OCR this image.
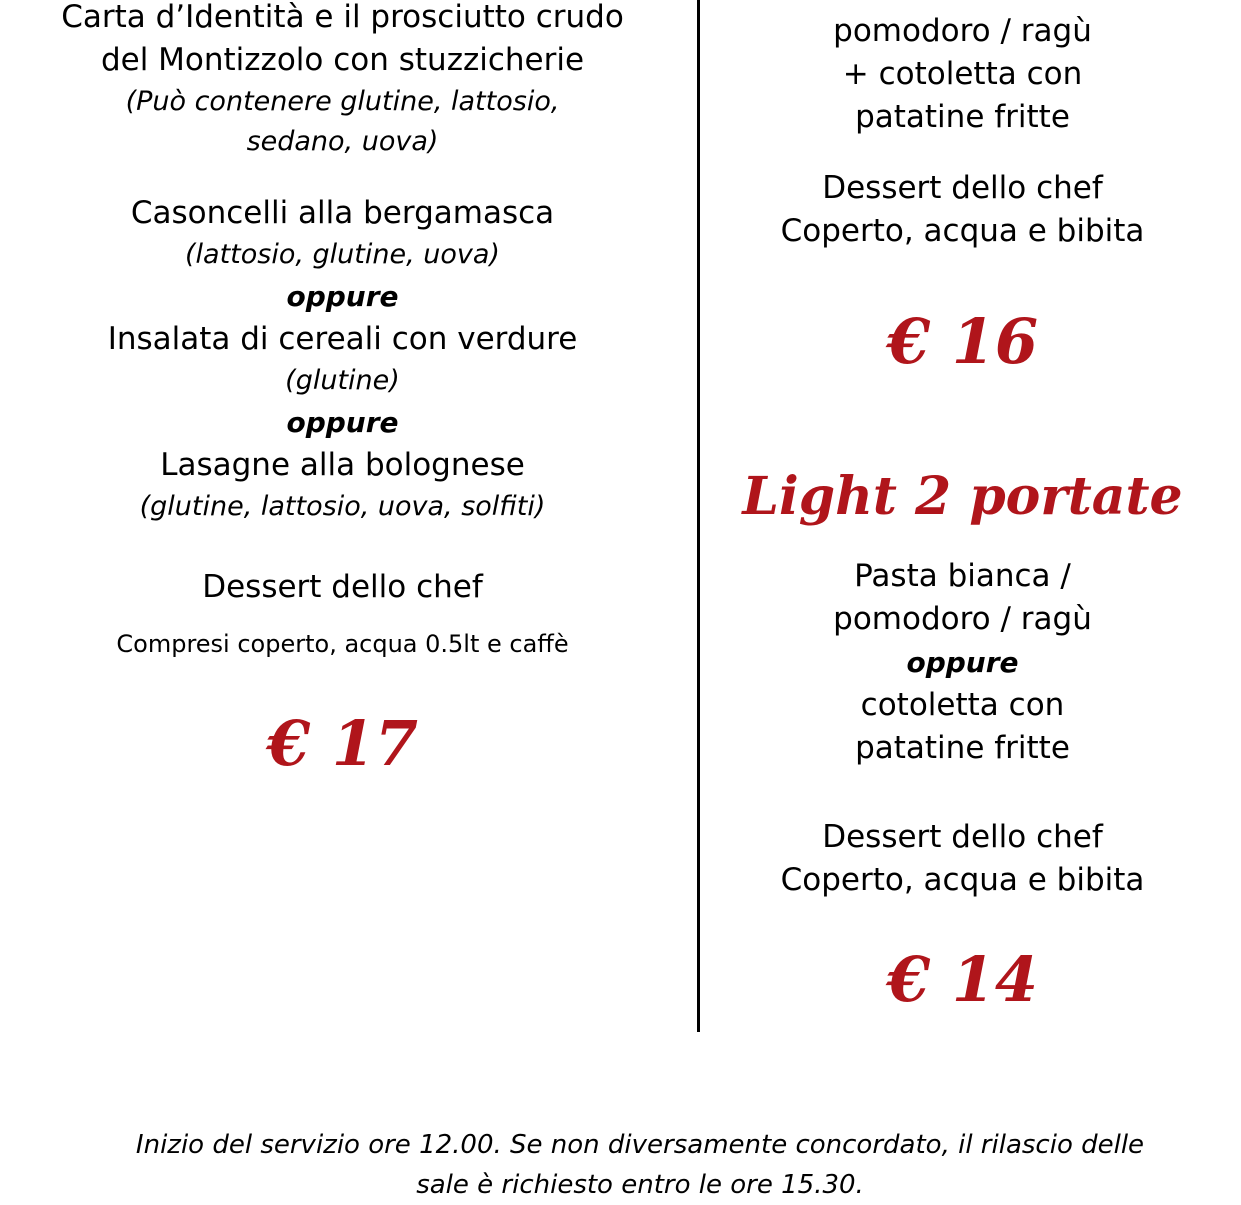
Carta d’Identità e il prosciutto crudo
del Montizzolo con stuzzicherie
(Può contenere glutine, lattosio,
sedano, uova)
Casoncelli alla bergamasca
(lattosio, glutine, uova)
oppure
Insalata di cereali con verdure
(glutine)
oppure
Lasagne alla bolognese
(glutine, lattosio, uova, solfiti)
Dessert dello chef
Compresi coperto, acqua 0.5lt e caffè
€ 17
pomodoro / ragù
+ cotoletta con
patatine fritte
Dessert dello chef
Coperto, acqua e bibita
€ 16
Light 2 portate
Pasta bianca /
pomodoro / ragù
oppure
cotoletta con
patatine fritte
Dessert dello chef
Coperto, acqua e bibita
€ 14
Inizio del servizio ore 12.00. Se non diversamente concordato, il rilascio delle
sale è richiesto entro le ore 15.30.
